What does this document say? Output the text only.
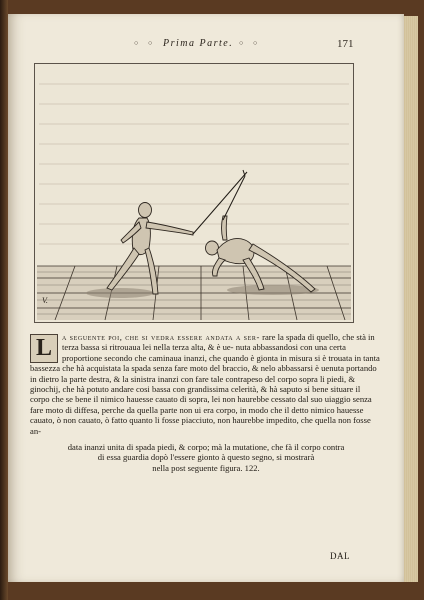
○ ○ Prima Parte. ○ ○	171
V.
L	a seguente poi, che si vedra essere andata a ser- rare la spada di quello, che stà in terza bassa si ritrouaua lei nella terza alta, & è ue- nuta abbassandosi con una certa proportione secondo che caminaua inanzi, che quando è gionta in misura si è trouata in tanta bassezza che hà acquistata la spada senza fare moto del braccio, & nelo abbassarsi è uenuta portando in dietro la parte destra, & la sinistra inanzi con fare tale contrapeso del corpo sopra li piedi, & ginochij, che hà potuto andare cosi bassa con grandissima celerità, & hà saputo si bene situare il corpo che se bene il nimico hauesse cauato di sopra, lei non haurebbe cessato dal suo uiaggio senza fare moto di diffesa, perche da quella parte non ui era corpo, in modo che il detto nimico hauesse cauato, ò non cauato, ò fatto quanto li fosse piacciuto, non haurebbe impedito, che quella non fosse an-
data inanzi unita di spada piedi, & corpo; mà la mutatione, che fà il corpo contra
di essa guardia dopò l'essere gionto à questo segno, si mostrarà
nella post seguente figura. 122.
DAL
